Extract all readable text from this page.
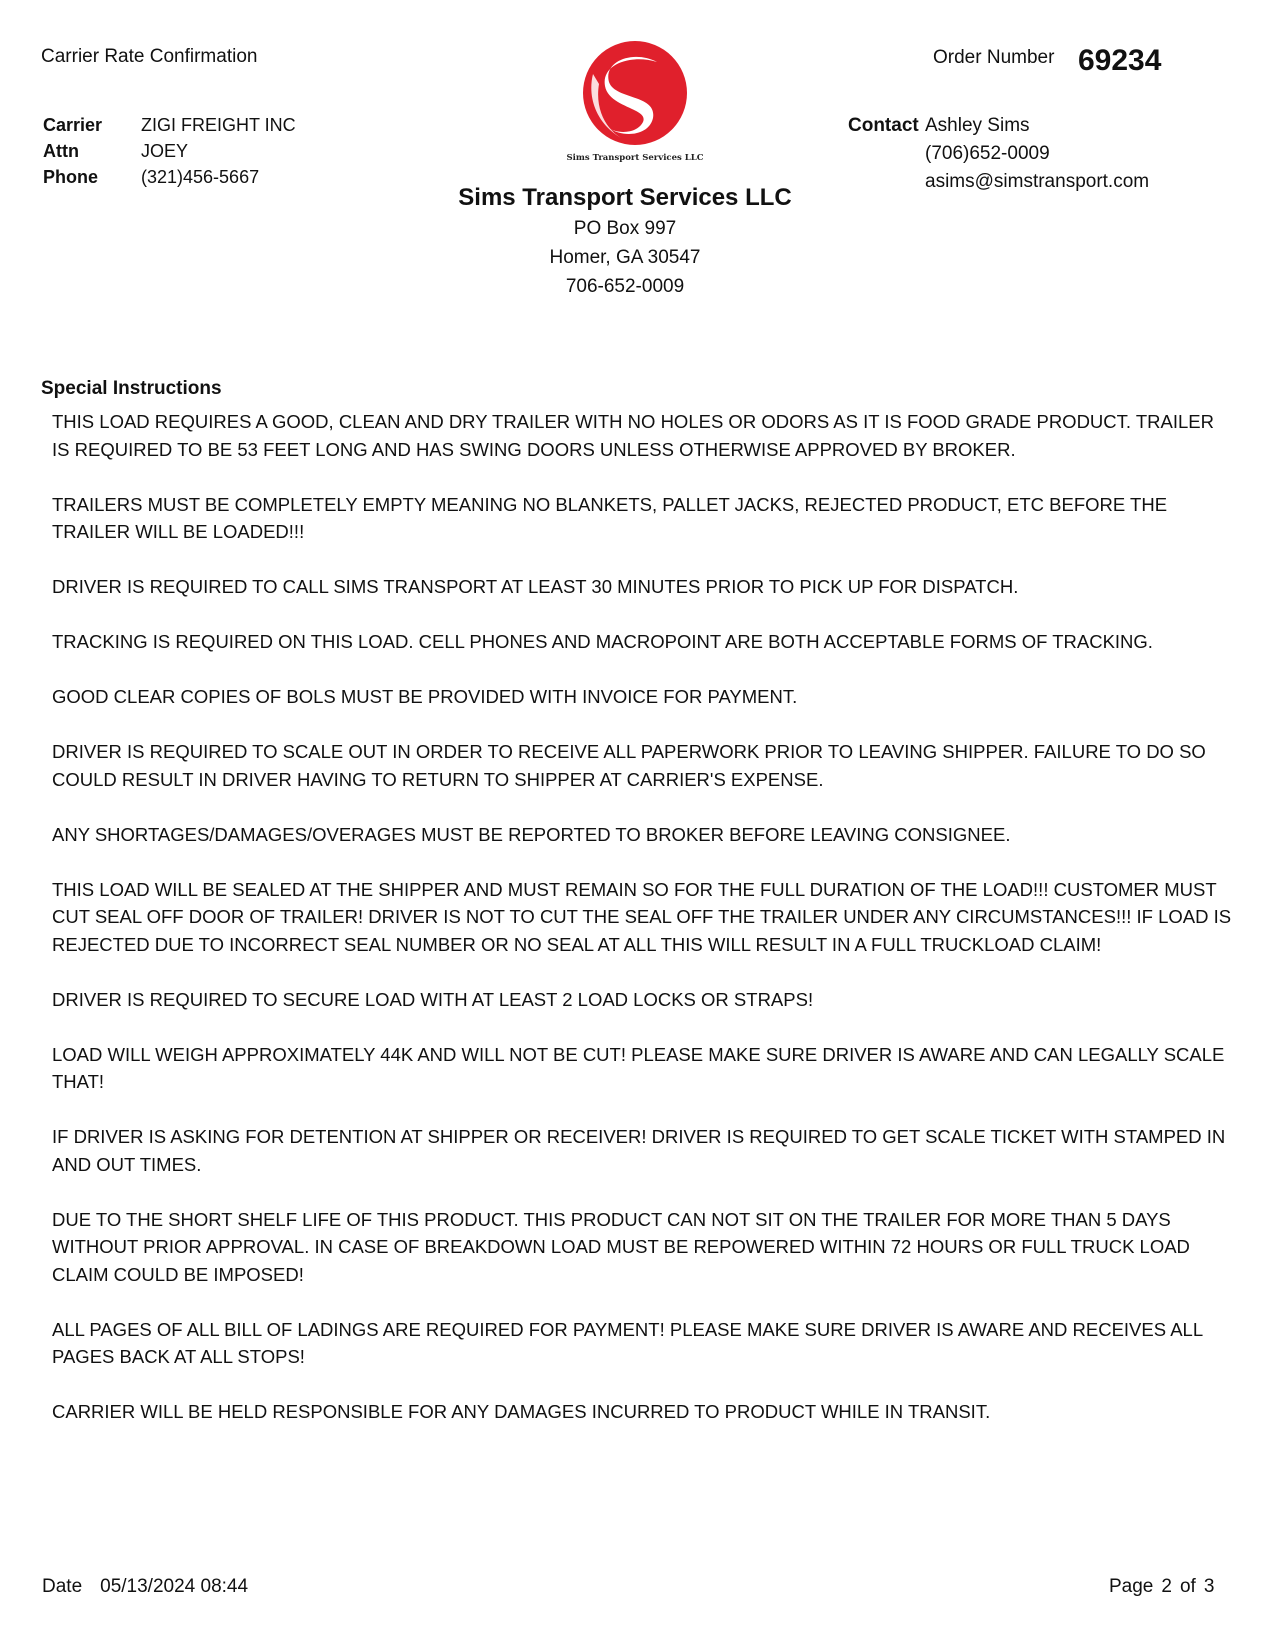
Carrier Rate Confirmation	Order Number 69234
Carrier	ZIGI FREIGHT INC
Attn	JOEY
Phone	(321)456-5667
Sims Transport Services LLC
Sims Transport Services LLC
PO Box 997
Homer, GA 30547
706-652-0009
Contact Ashley Sims
(706)652-0009
asims@simstransport.com
Special Instructions

THIS LOAD REQUIRES A GOOD, CLEAN AND DRY TRAILER WITH NO HOLES OR ODORS AS IT IS FOOD GRADE PRODUCT. TRAILER IS REQUIRED TO BE 53 FEET LONG AND HAS SWING DOORS UNLESS OTHERWISE APPROVED BY BROKER.

TRAILERS MUST BE COMPLETELY EMPTY MEANING NO BLANKETS, PALLET JACKS, REJECTED PRODUCT, ETC BEFORE THE TRAILER WILL BE LOADED!!!

DRIVER IS REQUIRED TO CALL SIMS TRANSPORT AT LEAST 30 MINUTES PRIOR TO PICK UP FOR DISPATCH.

TRACKING IS REQUIRED ON THIS LOAD. CELL PHONES AND MACROPOINT ARE BOTH ACCEPTABLE FORMS OF TRACKING.

GOOD CLEAR COPIES OF BOLS MUST BE PROVIDED WITH INVOICE FOR PAYMENT.

DRIVER IS REQUIRED TO SCALE OUT IN ORDER TO RECEIVE ALL PAPERWORK PRIOR TO LEAVING SHIPPER. FAILURE TO DO SO COULD RESULT IN DRIVER HAVING TO RETURN TO SHIPPER AT CARRIER'S EXPENSE.

ANY SHORTAGES/DAMAGES/OVERAGES MUST BE REPORTED TO BROKER BEFORE LEAVING CONSIGNEE.

THIS LOAD WILL BE SEALED AT THE SHIPPER AND MUST REMAIN SO FOR THE FULL DURATION OF THE LOAD!!! CUSTOMER MUST CUT SEAL OFF DOOR OF TRAILER! DRIVER IS NOT TO CUT THE SEAL OFF THE TRAILER UNDER ANY CIRCUMSTANCES!!! IF LOAD IS REJECTED DUE TO INCORRECT SEAL NUMBER OR NO SEAL AT ALL THIS WILL RESULT IN A FULL TRUCKLOAD CLAIM!

DRIVER IS REQUIRED TO SECURE LOAD WITH AT LEAST 2 LOAD LOCKS OR STRAPS!

LOAD WILL WEIGH APPROXIMATELY 44K AND WILL NOT BE CUT! PLEASE MAKE SURE DRIVER IS AWARE AND CAN LEGALLY SCALE THAT!

IF DRIVER IS ASKING FOR DETENTION AT SHIPPER OR RECEIVER! DRIVER IS REQUIRED TO GET SCALE TICKET WITH STAMPED IN AND OUT TIMES.

DUE TO THE SHORT SHELF LIFE OF THIS PRODUCT. THIS PRODUCT CAN NOT SIT ON THE TRAILER FOR MORE THAN 5 DAYS WITHOUT PRIOR APPROVAL. IN CASE OF BREAKDOWN LOAD MUST BE REPOWERED WITHIN 72 HOURS OR FULL TRUCK LOAD CLAIM COULD BE IMPOSED!

ALL PAGES OF ALL BILL OF LADINGS ARE REQUIRED FOR PAYMENT! PLEASE MAKE SURE DRIVER IS AWARE AND RECEIVES ALL PAGES BACK AT ALL STOPS!

CARRIER WILL BE HELD RESPONSIBLE FOR ANY DAMAGES INCURRED TO PRODUCT WHILE IN TRANSIT.

Date 05/13/2024 08:44	Page 2 of 3
